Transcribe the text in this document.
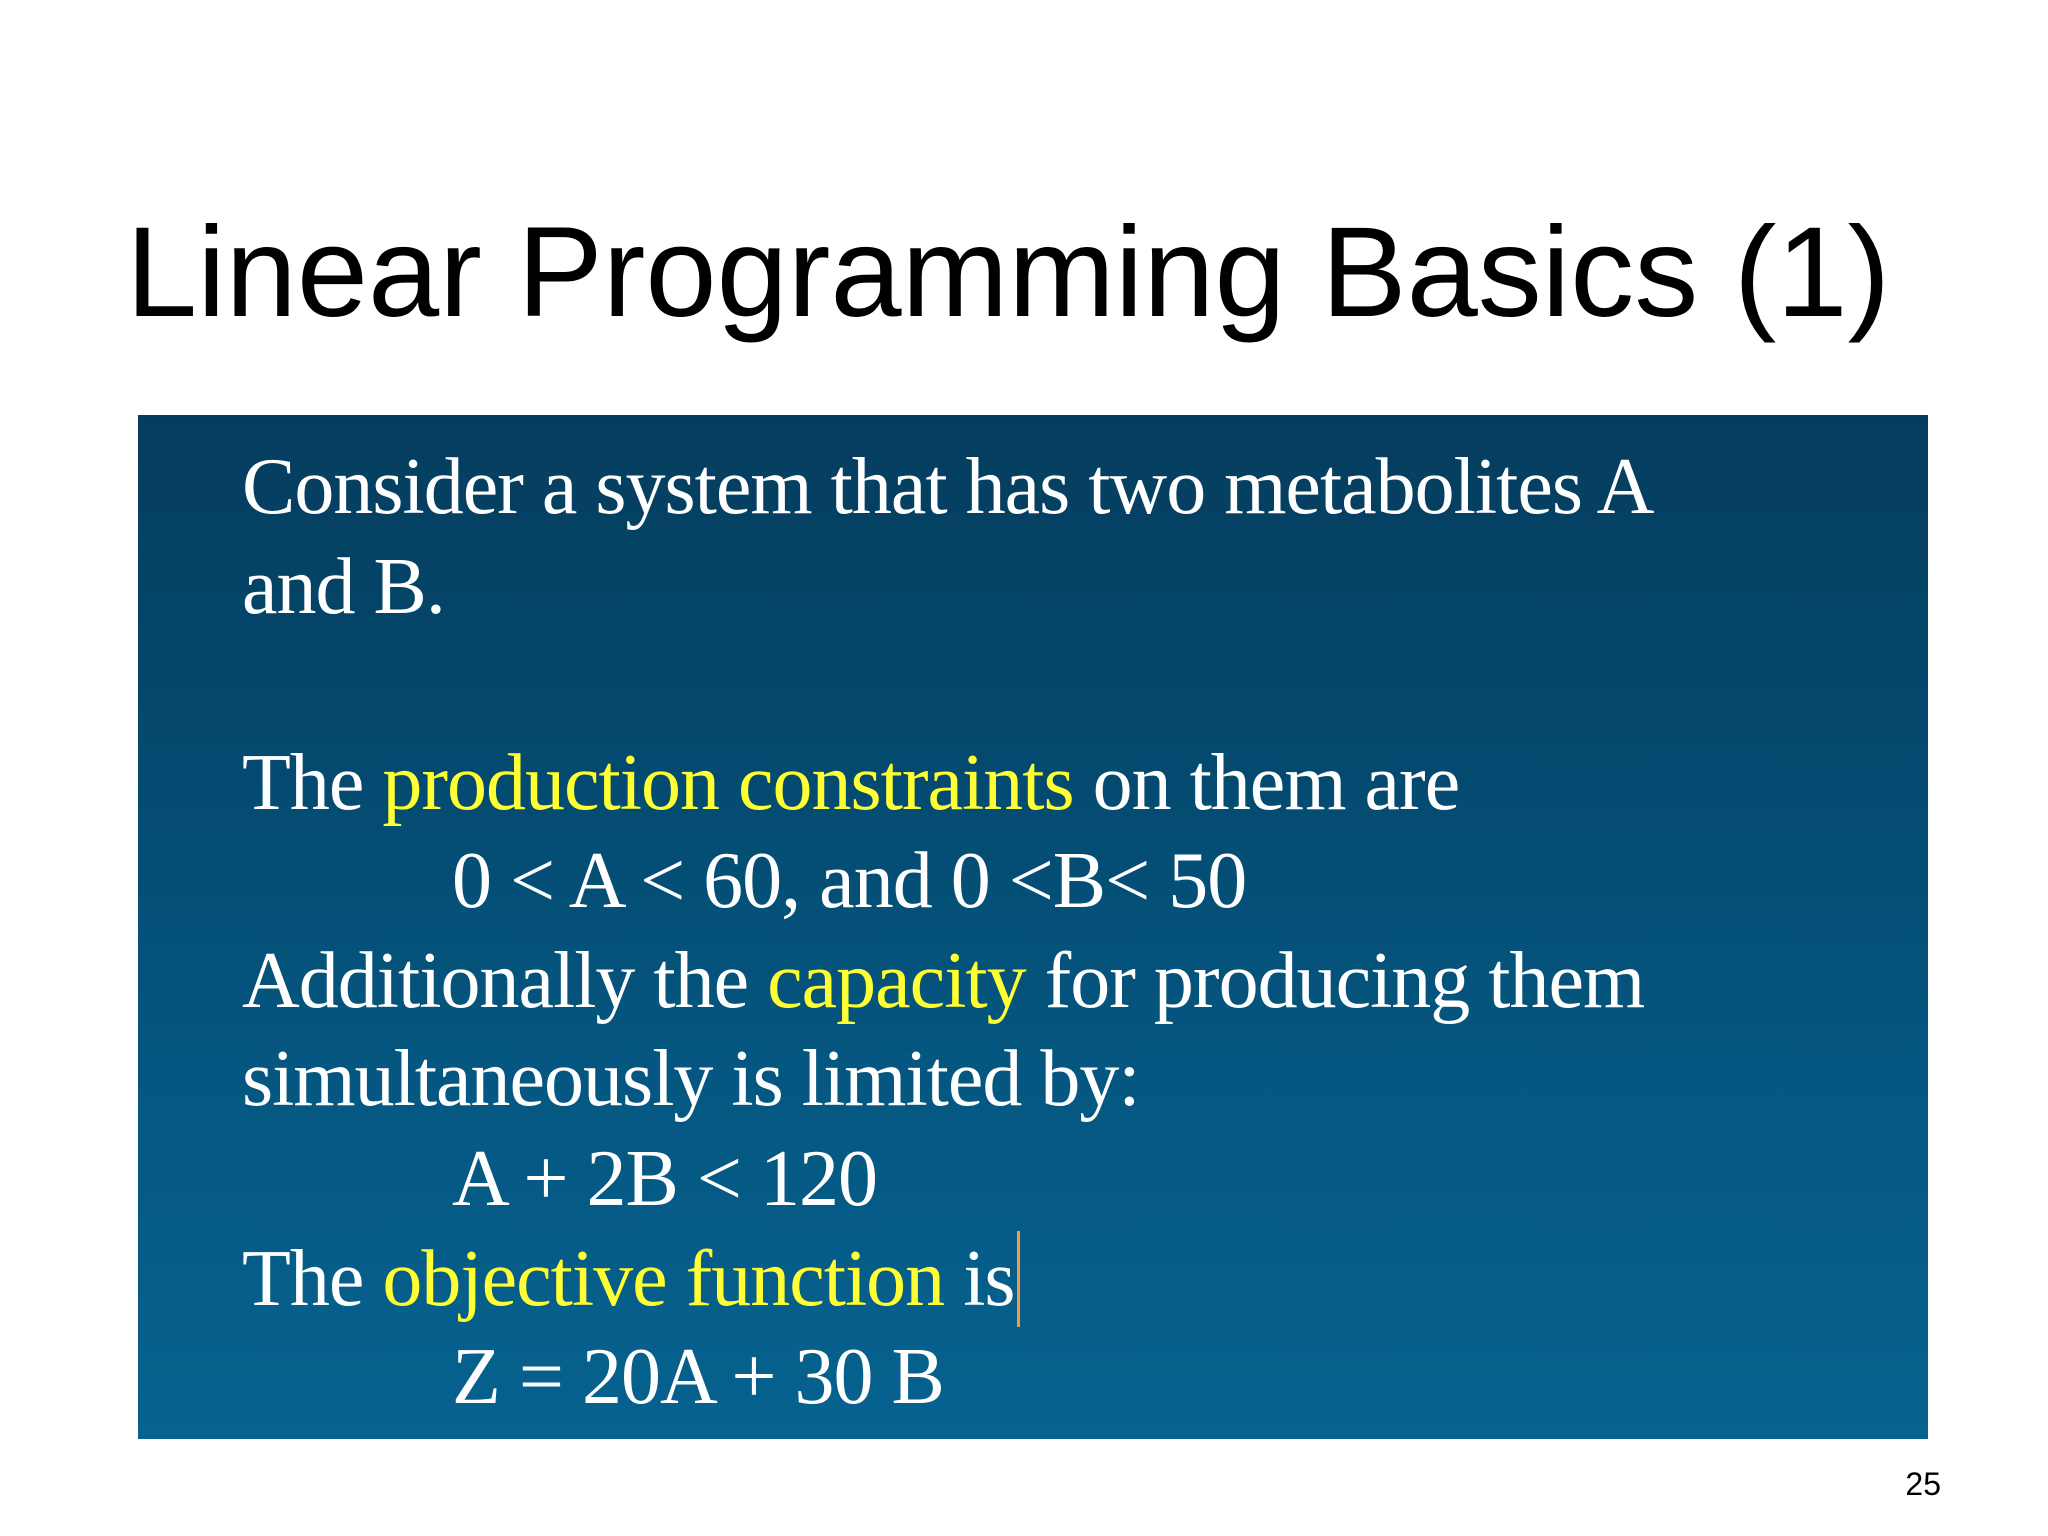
Linear Programming Basics (1)
Consider a system that has two metabolites A
and B.
The production constraints on them are
0 < A < 60, and 0 <B< 50
Additionally the capacity for producing them
simultaneously is limited by:
A + 2B < 120
The objective function is
Z = 20A + 30 B
25
